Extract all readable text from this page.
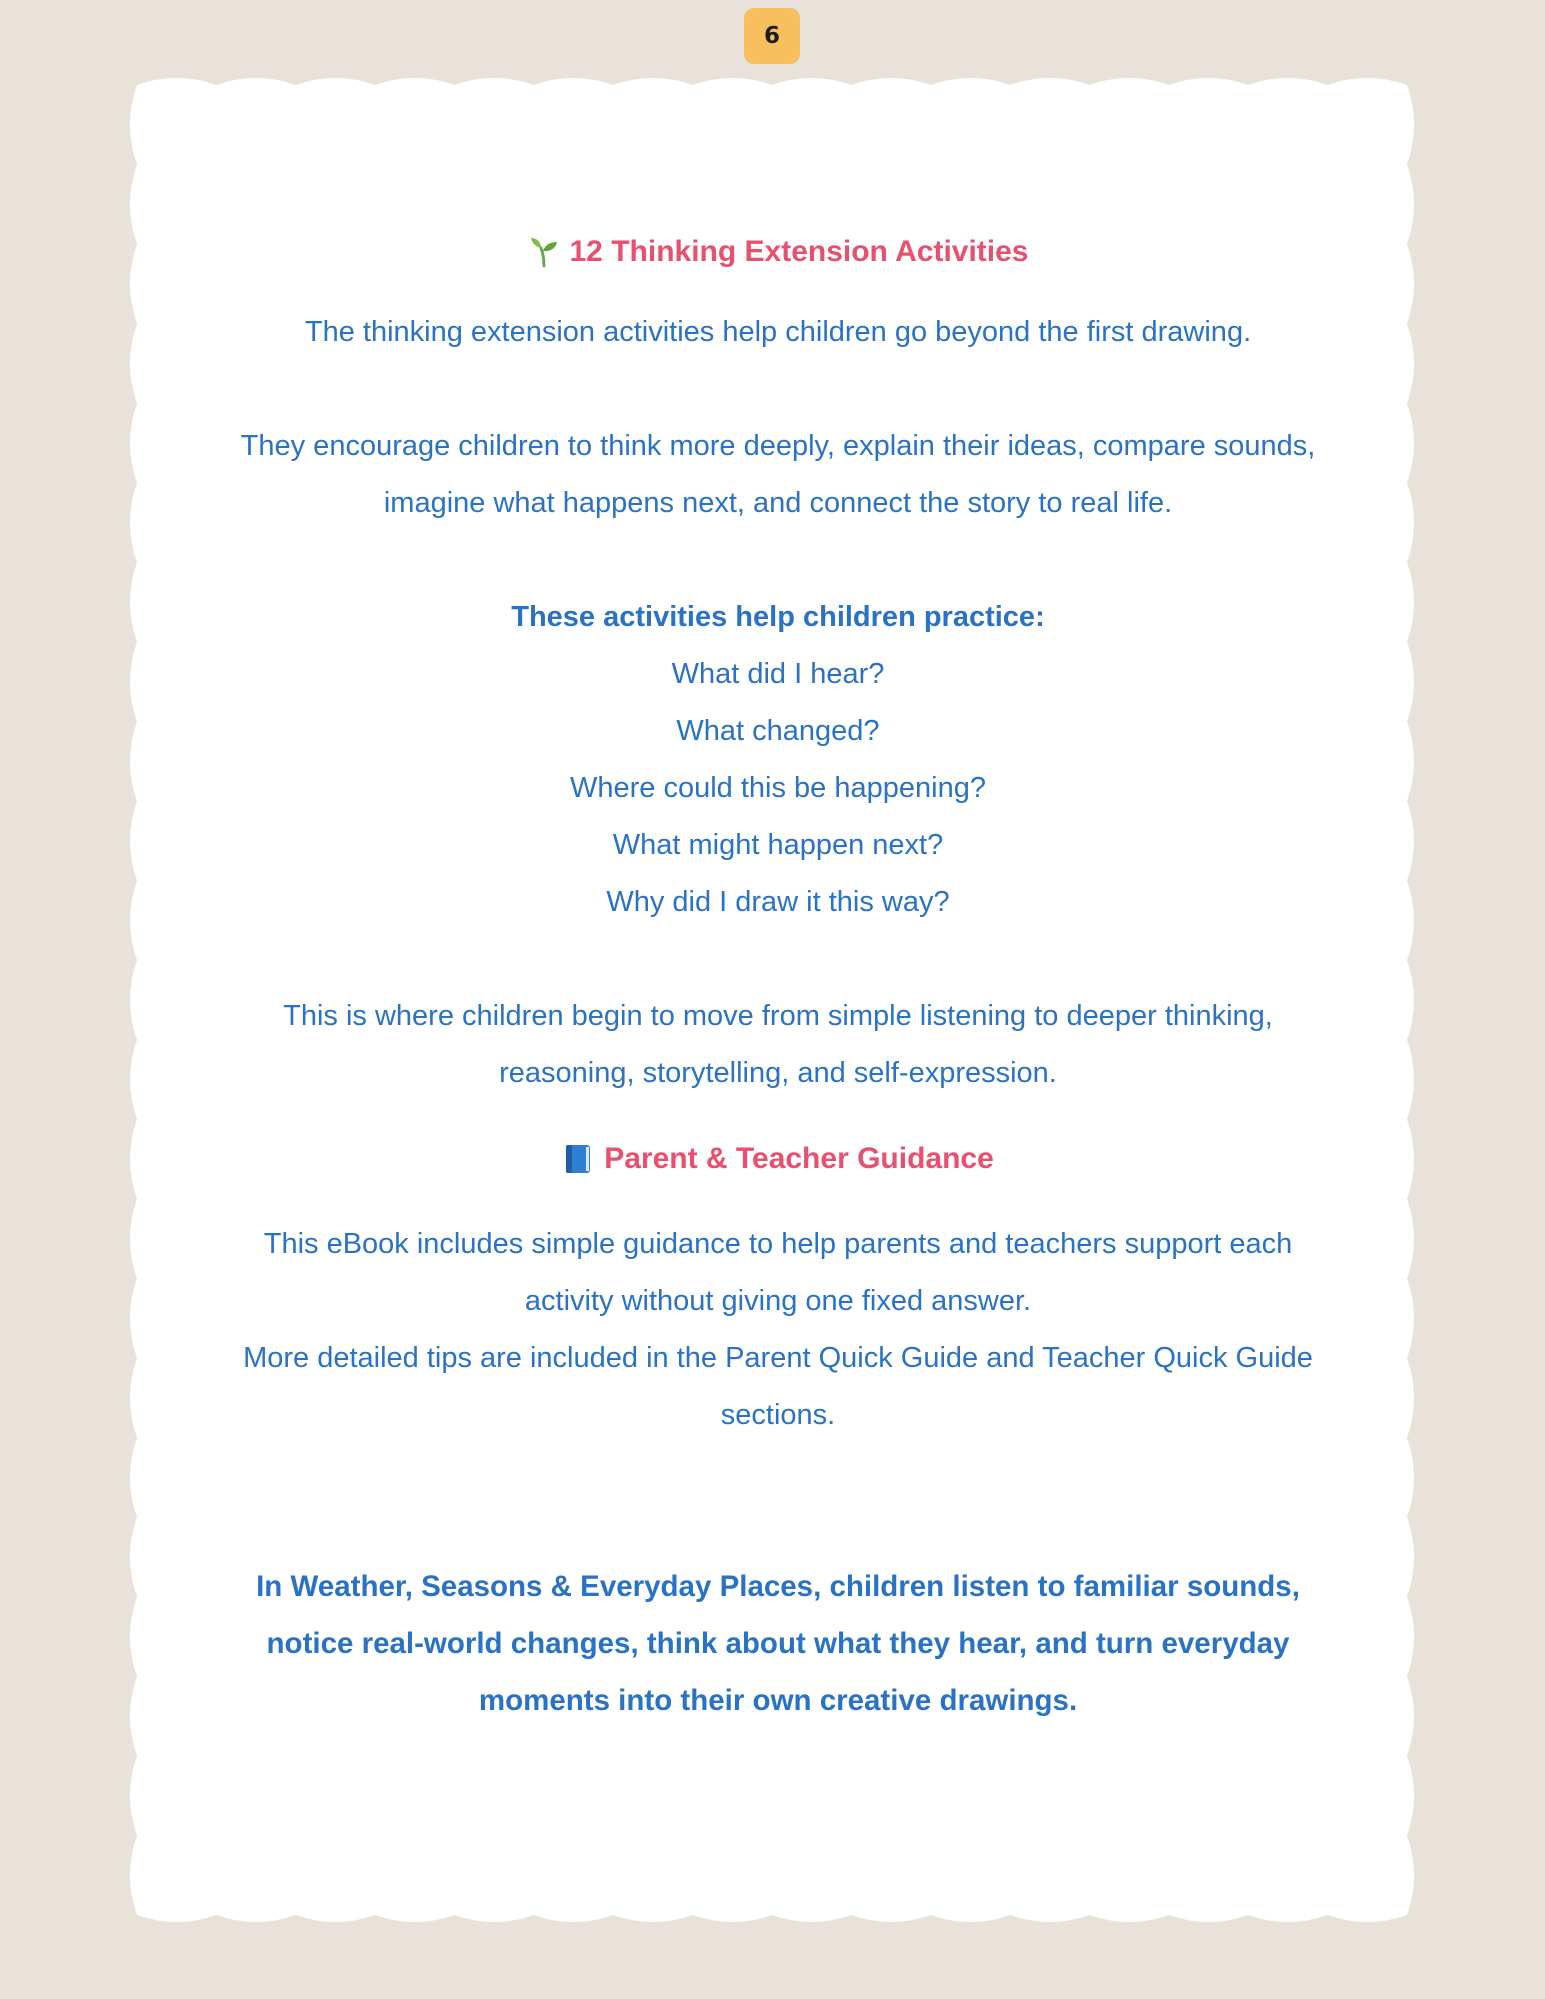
6
12 Thinking Extension Activities
The thinking extension activities help children go beyond the first drawing.
They encourage children to think more deeply, explain their ideas, compare sounds,
imagine what happens next, and connect the story to real life.
These activities help children practice:
What did I hear?
What changed?
Where could this be happening?
What might happen next?
Why did I draw it this way?
This is where children begin to move from simple listening to deeper thinking,
reasoning, storytelling, and self-expression.
Parent & Teacher Guidance
This eBook includes simple guidance to help parents and teachers support each
activity without giving one fixed answer.
More detailed tips are included in the Parent Quick Guide and Teacher Quick Guide
sections.
In Weather, Seasons & Everyday Places, children listen to familiar sounds,
notice real-world changes, think about what they hear, and turn everyday
moments into their own creative drawings.
